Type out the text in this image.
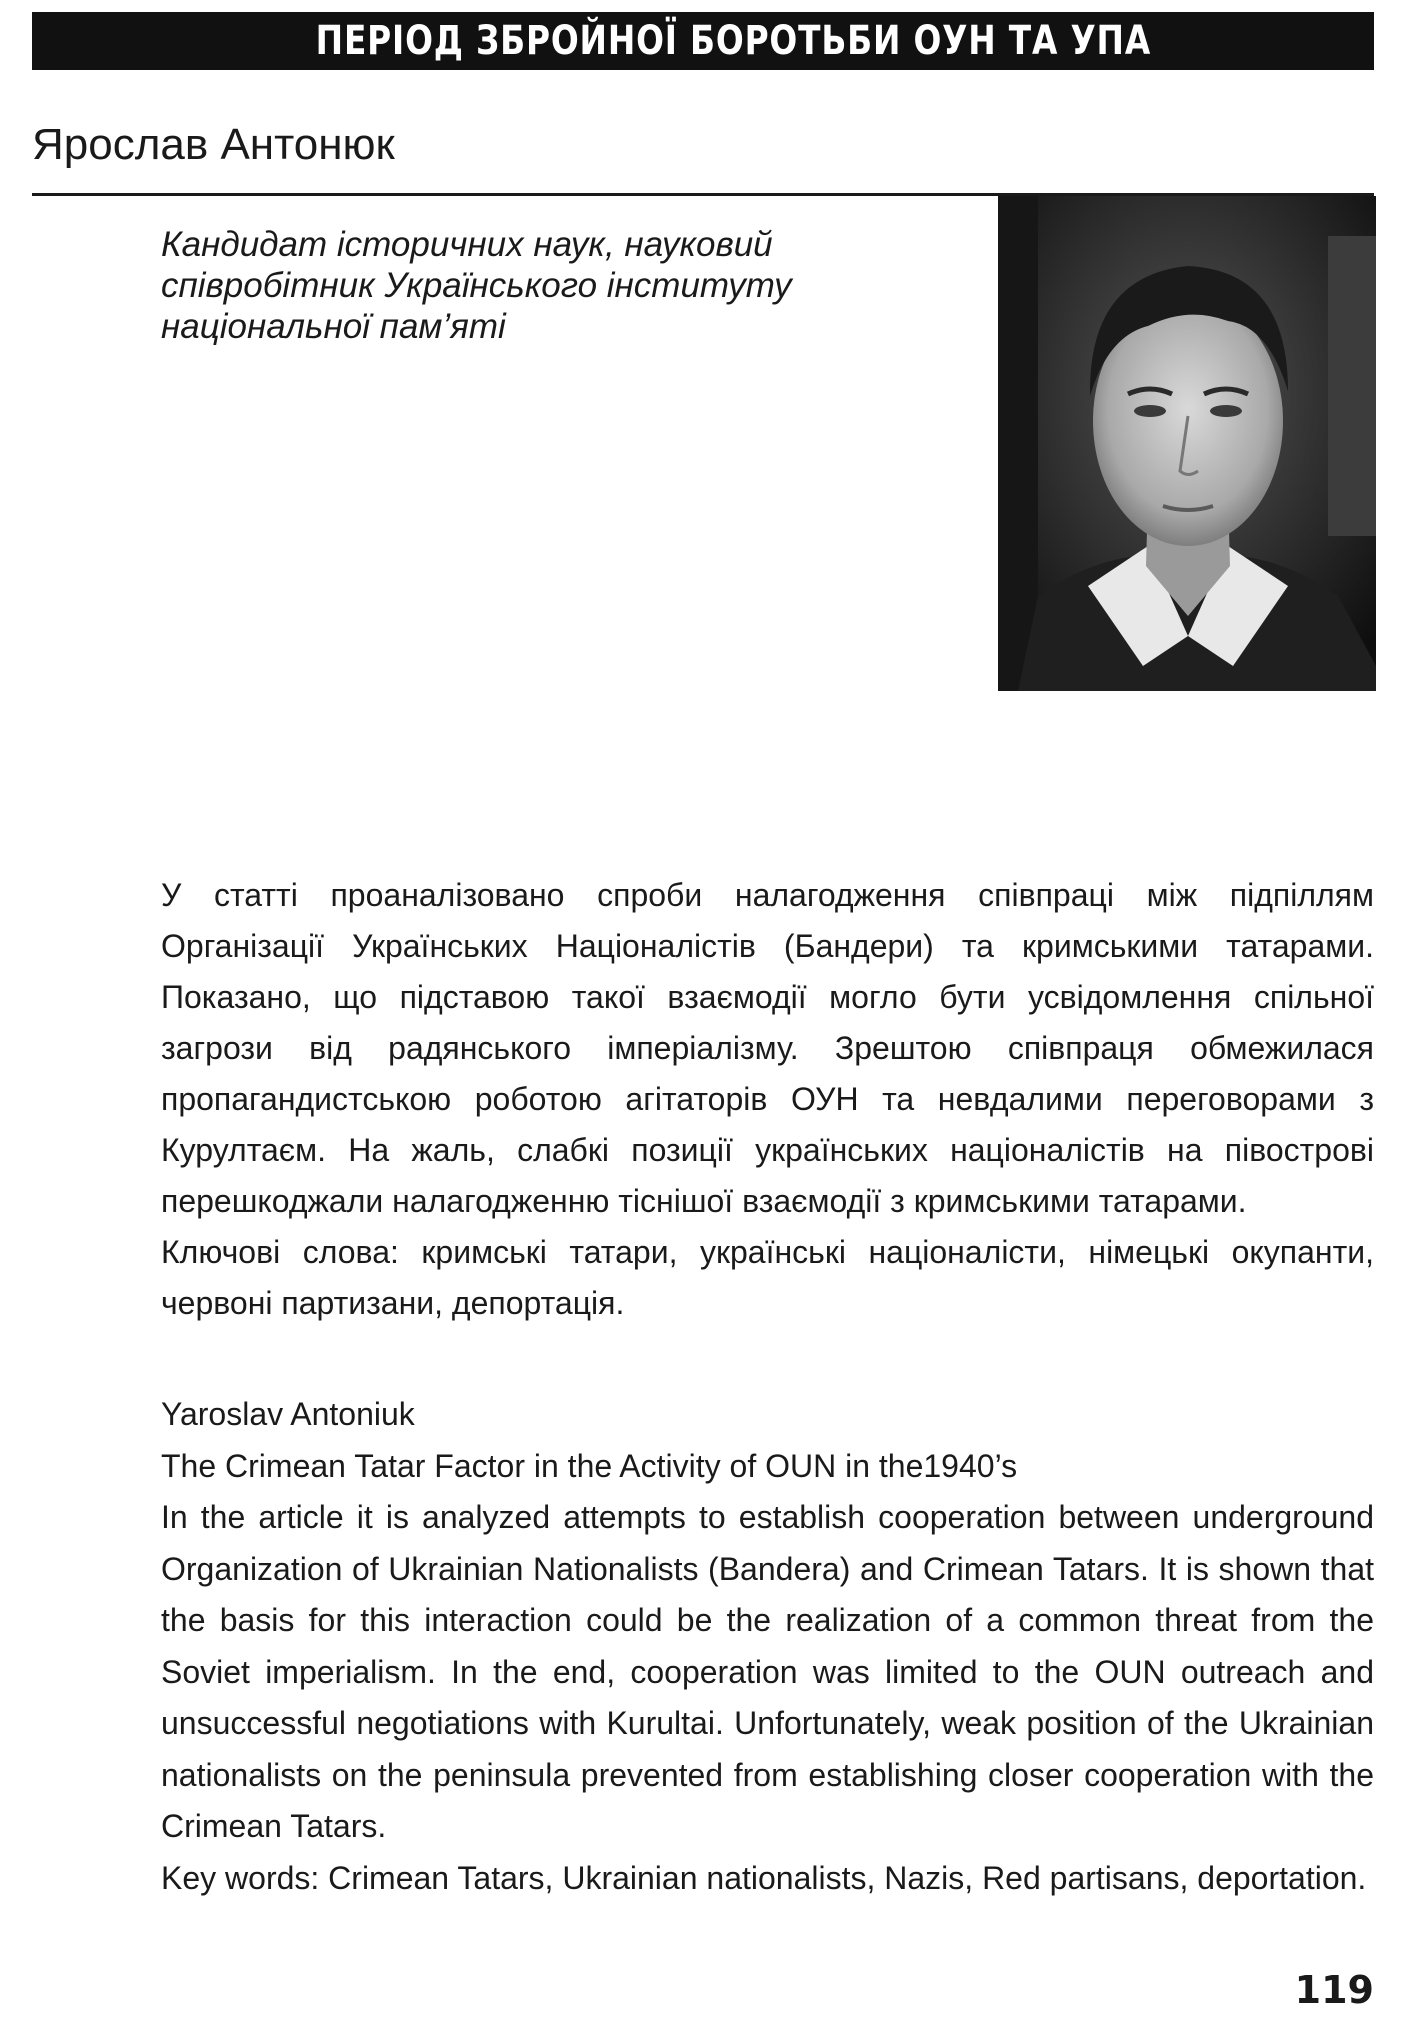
ПЕРІОД ЗБРОЙНОЇ БОРОТЬБИ ОУН ТА УПА
Ярослав Антонюк
Кандидат історичних наук, науковий співробітник Українського інституту національної пам’яті

У статті проаналізовано спроби налагодження співпраці між підпіллям Організації Українських Націоналістів (Бандери) та кримськими татарами. Показано, що підставою такої взаємодії могло бути усвідомлення спільної загрози від радянського імперіалізму. Зрештою співпраця обмежилася пропагандистською роботою агітаторів ОУН та невдалими переговорами з Курултаєм. На жаль, слабкі позиції українських націоналістів на півострові перешкоджали налагодженню тіснішої взаємодії з кримськими татарами.

Ключові слова: кримські татари, українські націоналісти, німецькі окупанти, червоні партизани, депортація.

Yaroslav Antoniuk

The Crimean Tatar Factor in the Activity of OUN in the1940’s

In the article it is analyzed attempts to establish cooperation between underground Organization of Ukrainian Nationalists (Bandera) and Crimean Tatars. It is shown that the basis for this interaction could be the realization of a common threat from the Soviet imperialism. In the end, cooperation was limited to the OUN outreach and unsuccessful negotiations with Kurultai. Unfortunately, weak position of the Ukrainian nationalists on the peninsula prevented from establishing closer cooperation with the Crimean Tatars.

Key words: Crimean Tatars, Ukrainian nationalists, Nazis, Red partisans, deportation.

119
